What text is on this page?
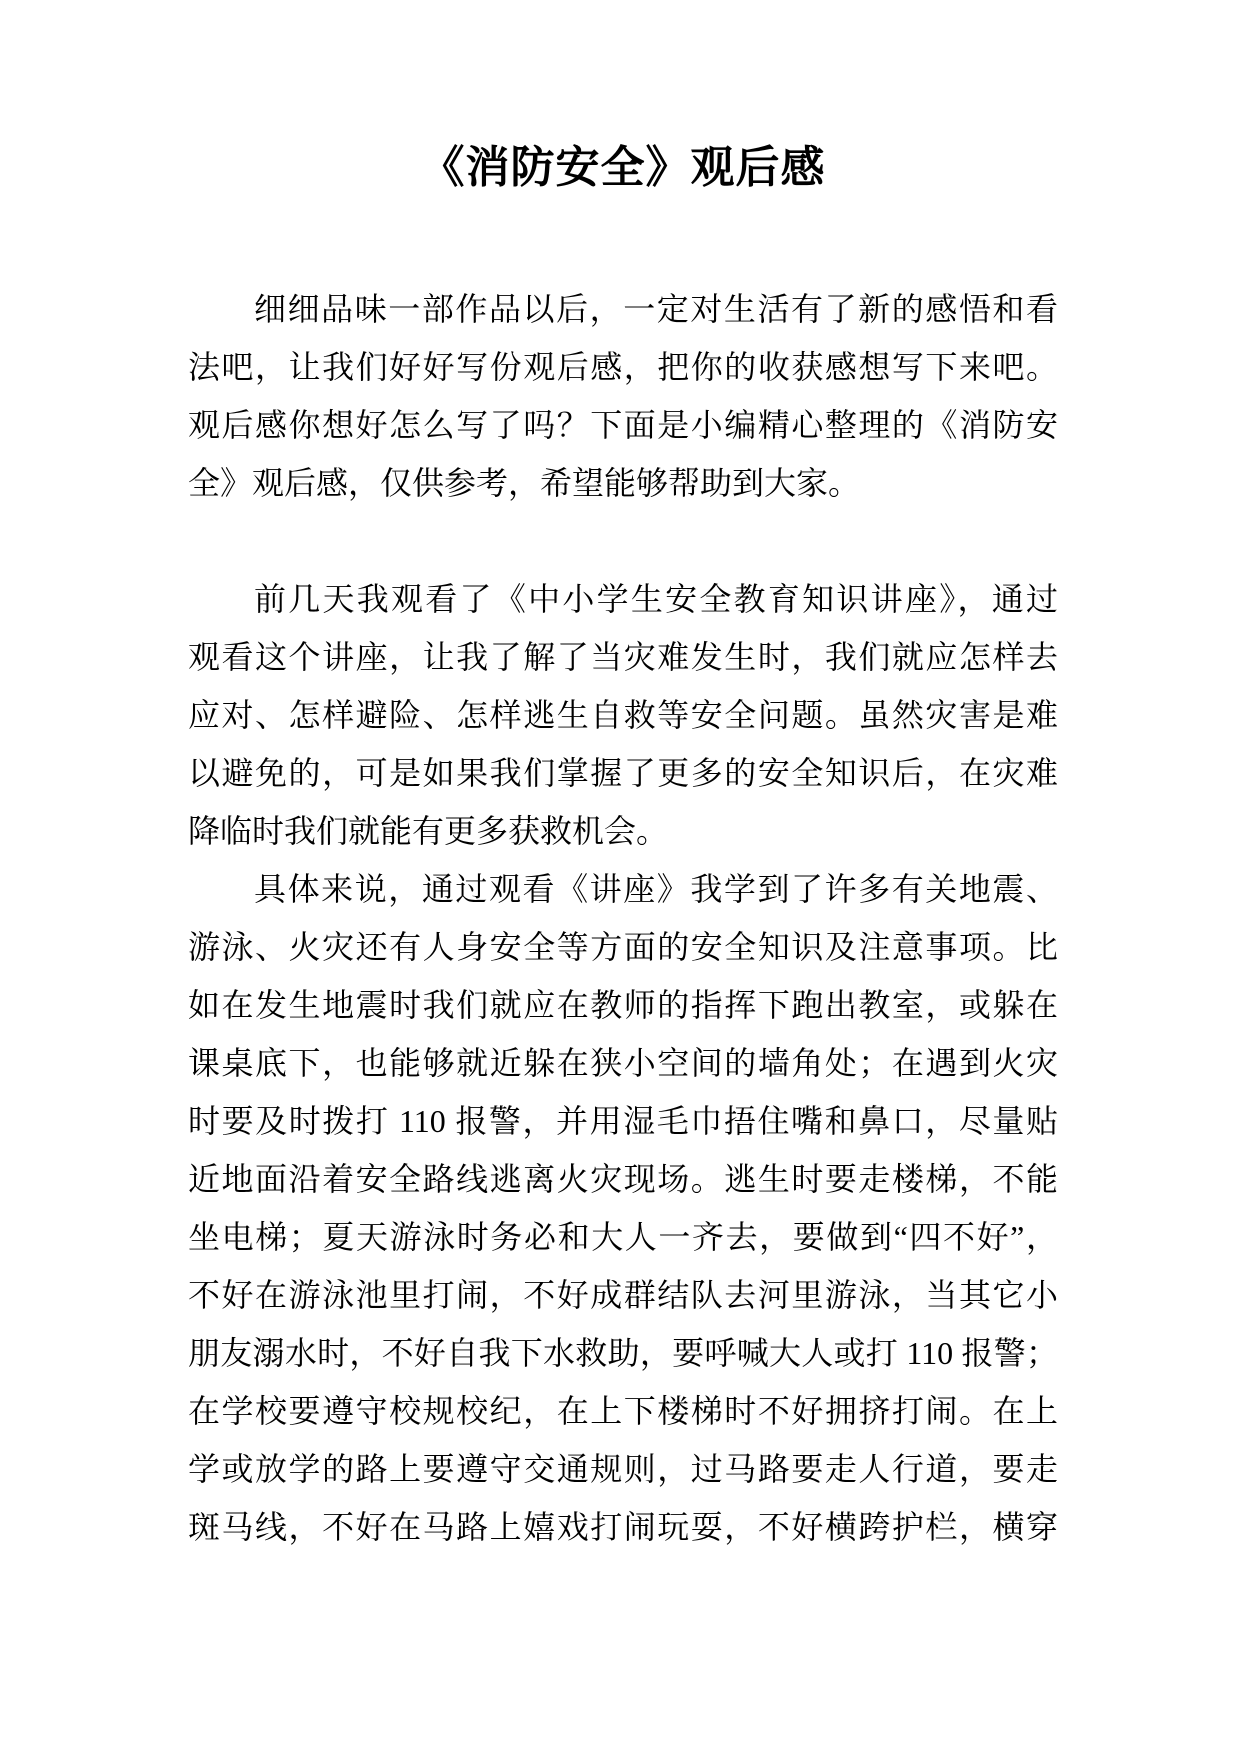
《消防安全》观后感
细细品味一部作品以后，一定对生活有了新的感悟和看
法吧，让我们好好写份观后感，把你的收获感想写下来吧。
观后感你想好怎么写了吗？下面是小编精心整理的《消防安
全》观后感，仅供参考，希望能够帮助到大家。
前几天我观看了《中小学生安全教育知识讲座》，通过
观看这个讲座，让我了解了当灾难发生时，我们就应怎样去
应对、怎样避险、怎样逃生自救等安全问题。虽然灾害是难
以避免的，可是如果我们掌握了更多的安全知识后，在灾难
降临时我们就能有更多获救机会。
具体来说，通过观看《讲座》我学到了许多有关地震、
游泳、火灾还有人身安全等方面的安全知识及注意事项。比
如在发生地震时我们就应在教师的指挥下跑出教室，或躲在
课桌底下，也能够就近躲在狭小空间的墙角处；在遇到火灾
时要及时拨打 110 报警，并用湿毛巾捂住嘴和鼻口，尽量贴
近地面沿着安全路线逃离火灾现场。逃生时要走楼梯，不能
坐电梯；夏天游泳时务必和大人一齐去，要做到“四不好”，
不好在游泳池里打闹，不好成群结队去河里游泳，当其它小
朋友溺水时，不好自我下水救助，要呼喊大人或打 110 报警；
在学校要遵守校规校纪，在上下楼梯时不好拥挤打闹。在上
学或放学的路上要遵守交通规则，过马路要走人行道，要走
斑马线，不好在马路上嬉戏打闹玩耍，不好横跨护栏，横穿
